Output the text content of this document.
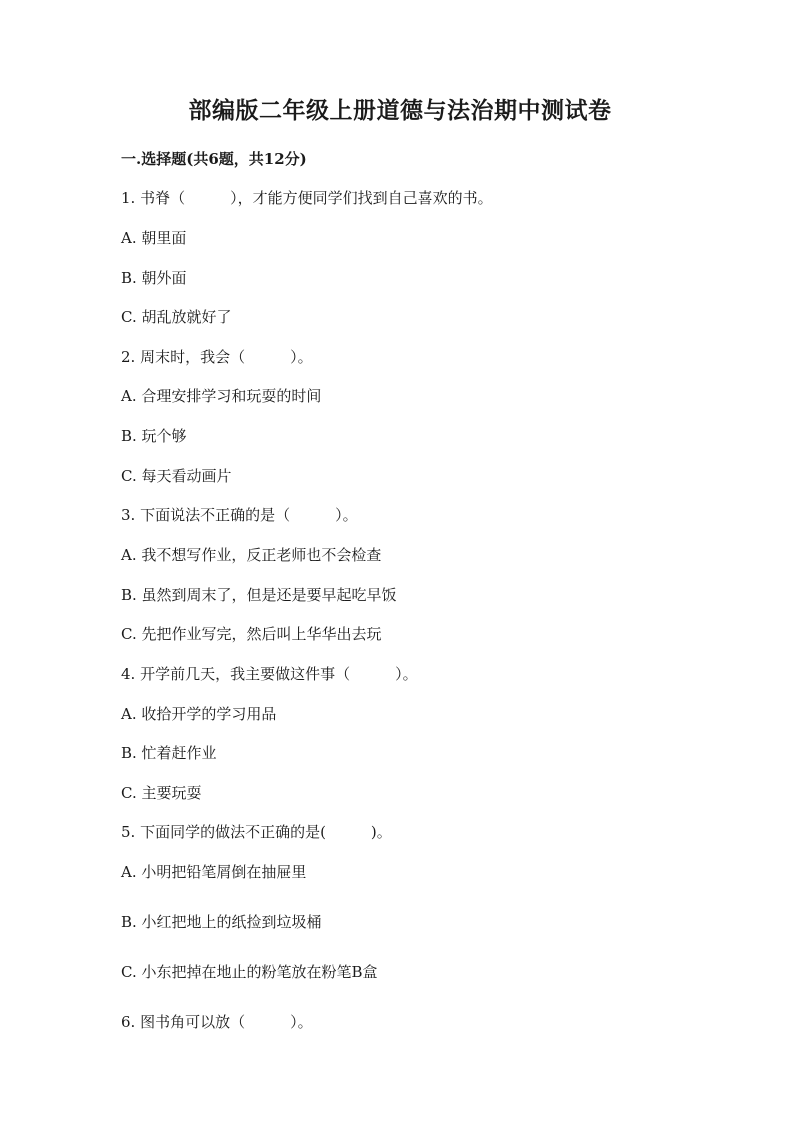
部编版二年级上册道德与法治期中测试卷
一.选择题(共6题，共12分)
1. 书脊（　　　），才能方便同学们找到自己喜欢的书。
A. 朝里面
B. 朝外面
C. 胡乱放就好了
2. 周末时，我会（　　　）。
A. 合理安排学习和玩耍的时间
B. 玩个够
C. 每天看动画片
3. 下面说法不正确的是（　　　）。
A. 我不想写作业，反正老师也不会检查
B. 虽然到周末了，但是还是要早起吃早饭
C. 先把作业写完，然后叫上华华出去玩
4. 开学前几天，我主要做这件事（　　　）。
A. 收拾开学的学习用品
B. 忙着赶作业
C. 主要玩耍
5. 下面同学的做法不正确的是(　　　)。
A. 小明把铅笔屑倒在抽屉里
B. 小红把地上的纸捡到垃圾桶
C. 小东把掉在地止的粉笔放在粉笔B盒
6. 图书角可以放（　　　）。
